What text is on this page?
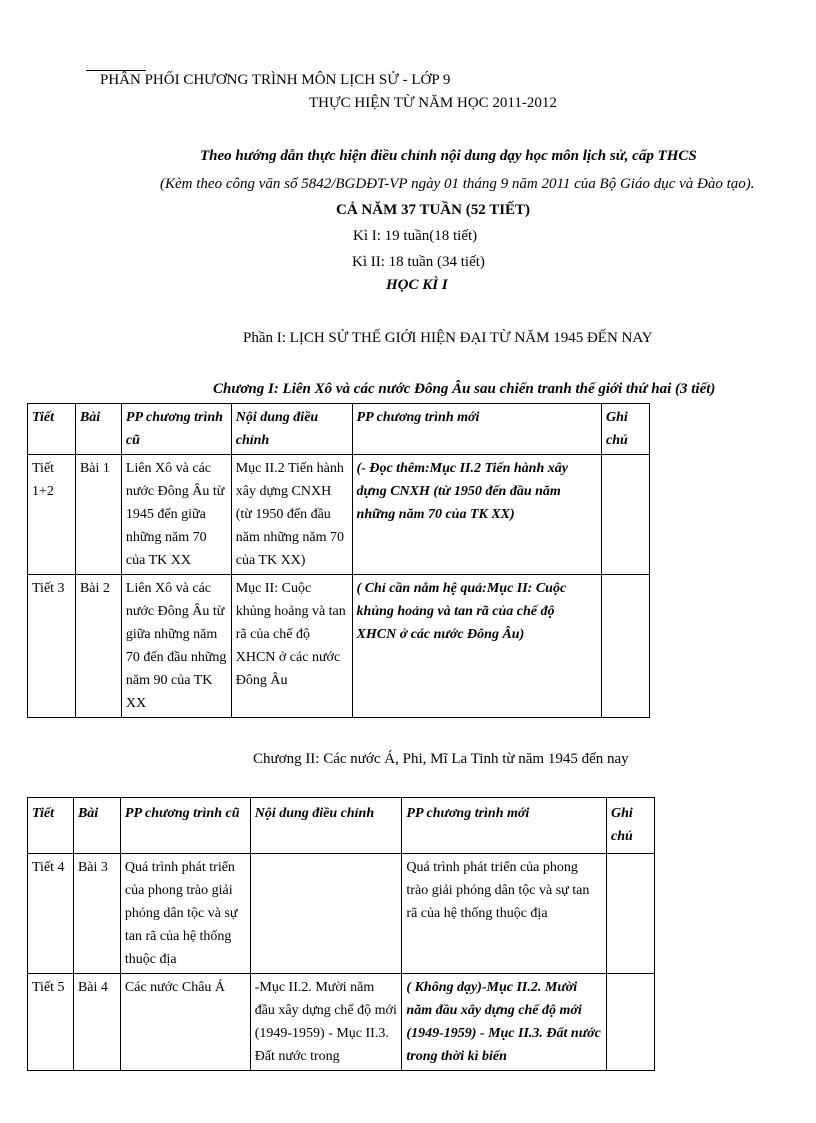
PHÂN PHỐI CHƯƠNG TRÌNH MÔN LỊCH SỬ - LỚP 9
THỰC HIỆN TỪ NĂM HỌC 2011-2012
Theo hướng dẫn thực hiện điều chỉnh nội dung dạy học môn lịch sử, cấp THCS
(Kèm theo công văn số 5842/BGDĐT-VP ngày 01 tháng 9 năm 2011 của Bộ Giáo dục và Đào tạo).
CẢ NĂM 37 TUẦN (52 TIẾT)
Kì I: 19 tuần(18 tiết)
Kì II: 18 tuần (34 tiết)
HỌC KÌ I
Phần I: LỊCH SỬ THẾ GIỚI HIỆN ĐẠI TỪ NĂM 1945 ĐẾN NAY
Chương I: Liên Xô và các nước Đông Âu sau chiến tranh thế giới thứ hai (3 tiết)
Tiết	Bài	PP chương trình cũ	Nội dung điều chỉnh	PP chương trình mới	Ghi chú
Tiết 1+2	Bài 1	Liên Xô và các nước Đông Âu từ 1945 đến giữa những năm 70 của TK XX	Mục II.2 Tiến hành xây dựng CNXH (từ 1950 đến đầu năm những năm 70 của TK XX)	(- Đọc thêm:Mục II.2 Tiến hành xây dựng CNXH (từ 1950 đến đầu năm những năm 70 của TK XX)	
Tiết 3	Bài 2	Liên Xô và các nước Đông Âu từ giữa những năm 70 đến đầu những năm 90 của TK XX	Mục II: Cuộc khủng hoảng và tan rã của chế độ XHCN ở các nước Đông Âu	( Chỉ cần nắm hệ quả:Mục II: Cuộc khủng hoảng và tan rã của chế độ XHCN ở các nước Đông Âu)	
Chương II: Các nước Á, Phi, Mĩ La Tinh từ năm 1945 đến nay
Tiết	Bài	PP chương trình cũ	Nội dung điều chỉnh	PP chương trình mới	Ghi chú
Tiết 4	Bài 3	Quá trình phát triển của phong trào giải phóng dân tộc và sự tan rã của hệ thống thuộc địa		Quá trình phát triển của phong trào giải phóng dân tộc và sự tan rã của hệ thống thuộc địa	
Tiết 5	Bài 4	Các nước Châu Á	-Mục II.2. Mười năm đầu xây dựng chế độ mới (1949-1959) - Mục II.3. Đất nước trong	( Không dạy)-Mục II.2. Mười năm đầu xây dựng chế độ mới (1949-1959) - Mục II.3. Đất nước trong thời kì biến	
